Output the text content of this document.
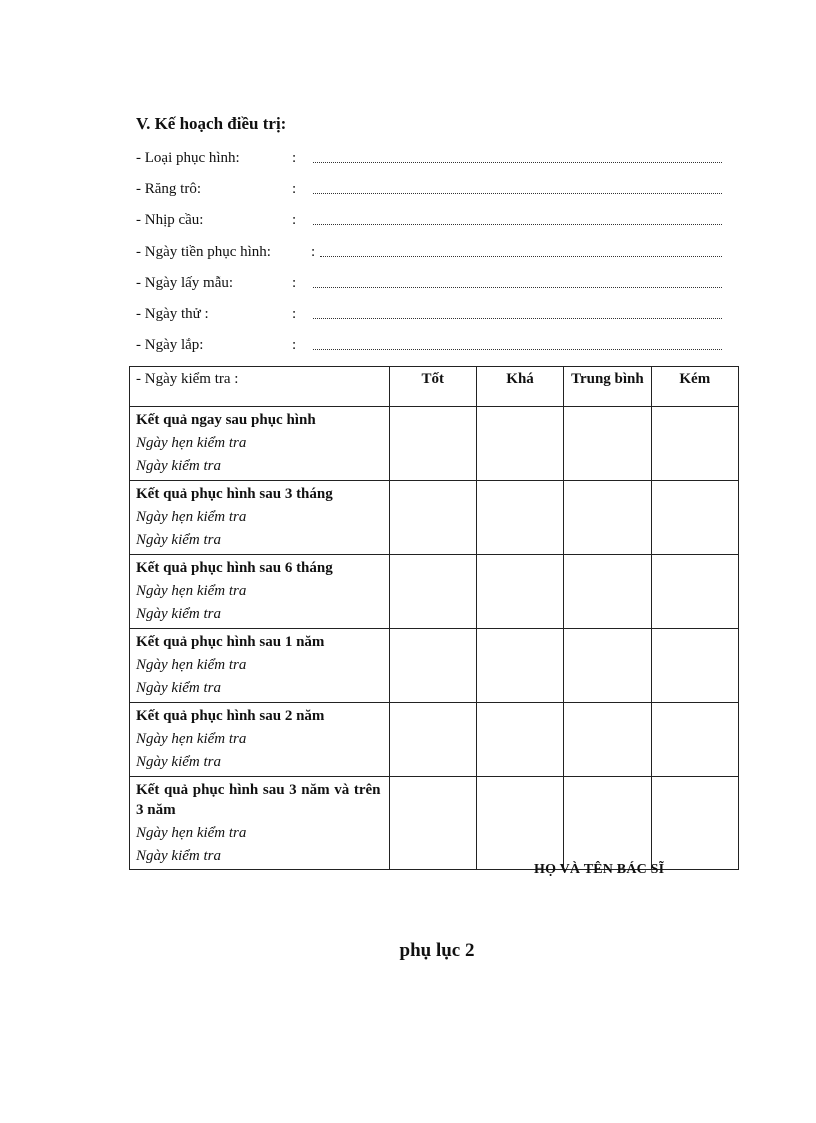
V. Kế hoạch điều trị:
- Loại phục hình:	:
- Răng trô:	:
- Nhịp cầu:	:
- Ngày tiền phục hình:	:
- Ngày lấy mẫu:	:
- Ngày thử :	:
- Ngày lắp:	:
- Ngày kiểm tra :	Tốt	Khá	Trung bình	Kém

Kết quả ngay sau phục hình
Ngày hẹn kiểm tra
Ngày kiểm tra				

Kết quả phục hình sau 3 tháng
Ngày hẹn kiểm tra
Ngày kiểm tra				

Kết quả phục hình sau 6 tháng
Ngày hẹn kiểm tra
Ngày kiểm tra				

Kết quả phục hình sau 1 năm
Ngày hẹn kiểm tra
Ngày kiểm tra				

Kết quả phục hình sau 2 năm
Ngày hẹn kiểm tra
Ngày kiểm tra				

Kết quả phục hình sau 3 năm và trên 3 năm
Ngày hẹn kiểm tra
Ngày kiểm tra				

HỌ VÀ TÊN BÁC SĨ
phụ lục 2
